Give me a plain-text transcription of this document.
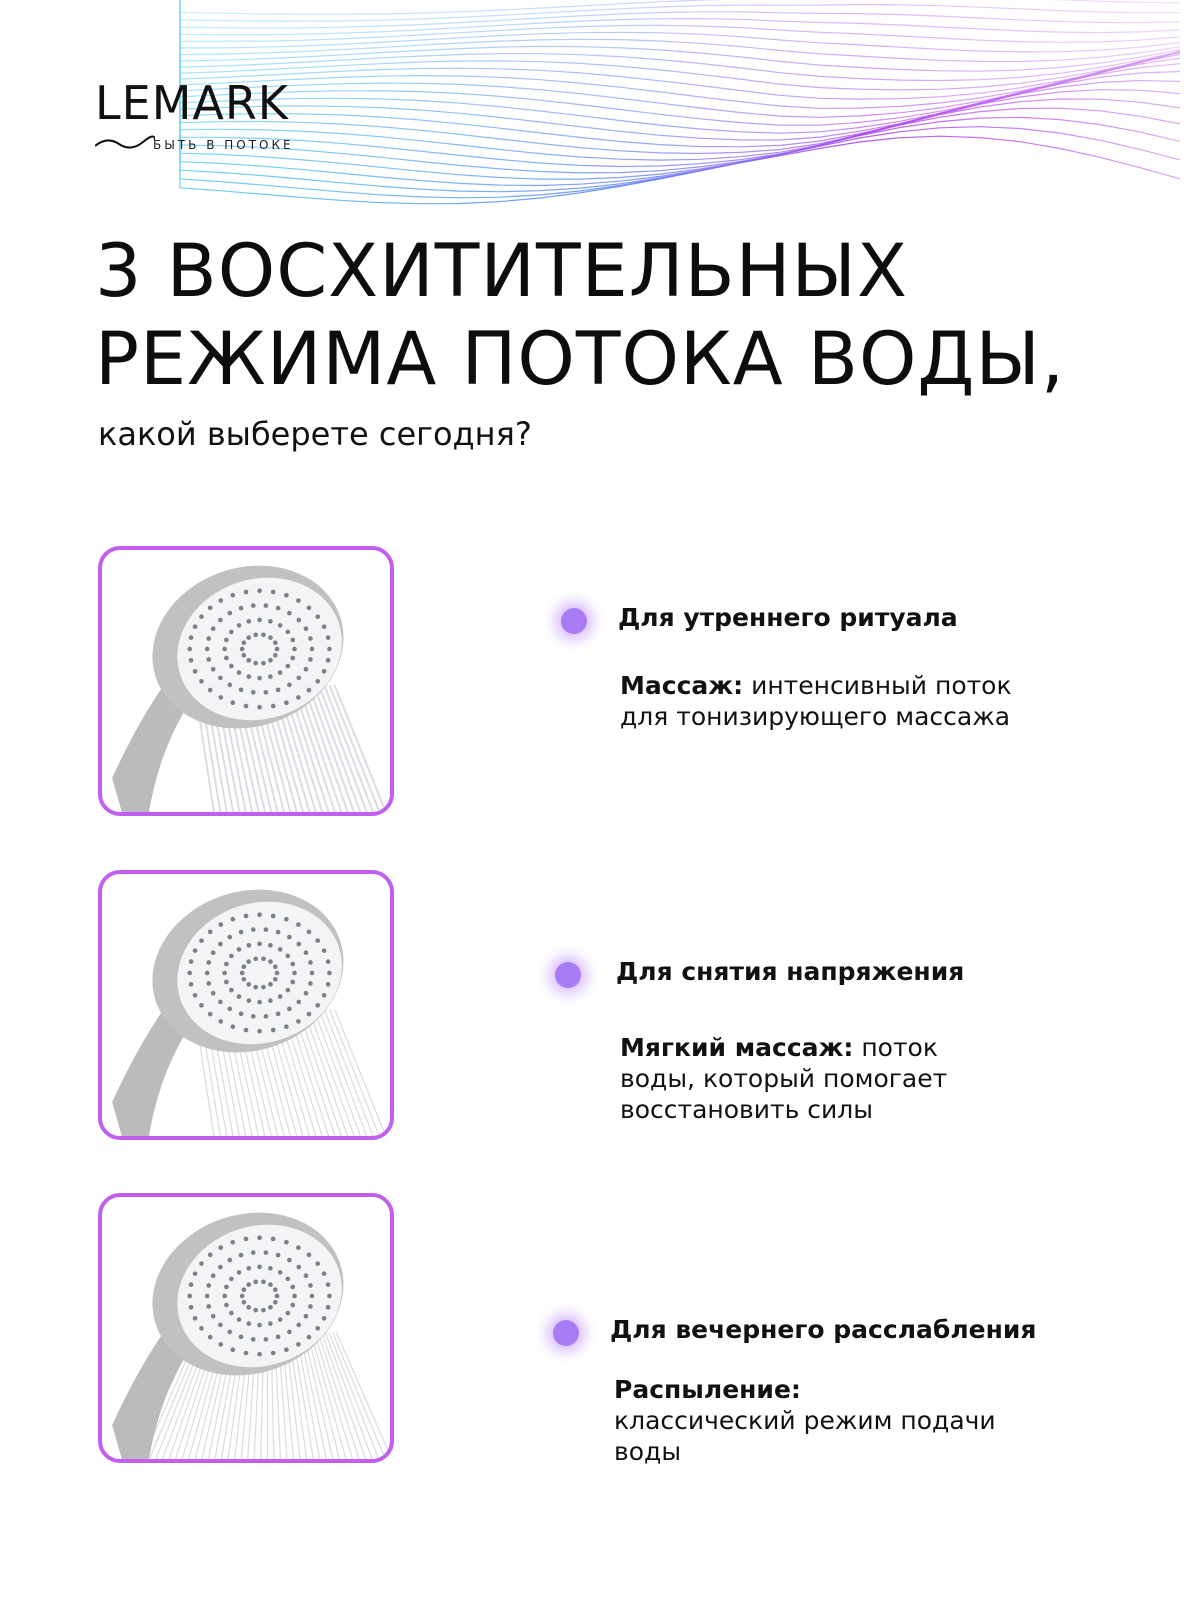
LEMARK
БЫТЬ В ПОТОКЕ
3 ВОСХИТИТЕЛЬНЫХ
РЕЖИМА ПОТОКА ВОДЫ,
какой выберете сегодня?
Для утреннего ритуала
Массаж: интенсивный поток для тонизирующего массажа
Для снятия напряжения
Мягкий массаж: поток воды, который помогает восстановить силы
Для вечернего расслабления
Распыление:
классический режим подачи воды
